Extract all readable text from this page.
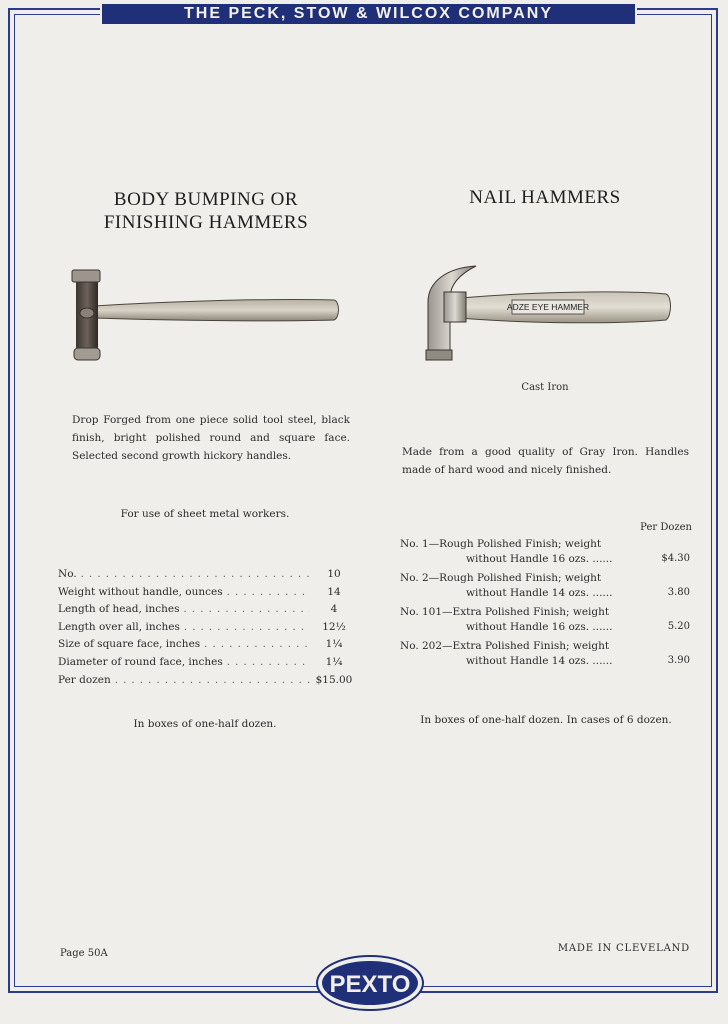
THE PECK, STOW & WILCOX COMPANY
BODY BUMPING OR
FINISHING HAMMERS
Drop Forged from one piece solid tool steel, black finish, bright polished round and square face. Selected second growth hickory handles.
For use of sheet metal workers.
No. . . .	10
Weight without handle, ounces . . .	14
Length of head, inches . . .	4
Length over all, inches . . .	12½
Size of square face, inches . . .	1¼
Diameter of round face, inches . . .	1¼
Per dozen . . .	$15.00
In boxes of one-half dozen.
NAIL HAMMERS
ADZE EYE HAMMER
Cast Iron
Made from a good quality of Gray Iron. Handles made of hard wood and nicely finished.
Per Dozen
No. 1—Rough Polished Finish; weight
without Handle 16 ozs. ......	$4.30
No. 2—Rough Polished Finish; weight
without Handle 14 ozs. ......	3.80
No. 101—Extra Polished Finish; weight
without Handle 16 ozs. ......	5.20
No. 202—Extra Polished Finish; weight
without Handle 14 ozs. ......	3.90
In boxes of one-half dozen. In cases of 6 dozen.
Page 50A	MADE IN CLEVELAND
PEXTO
